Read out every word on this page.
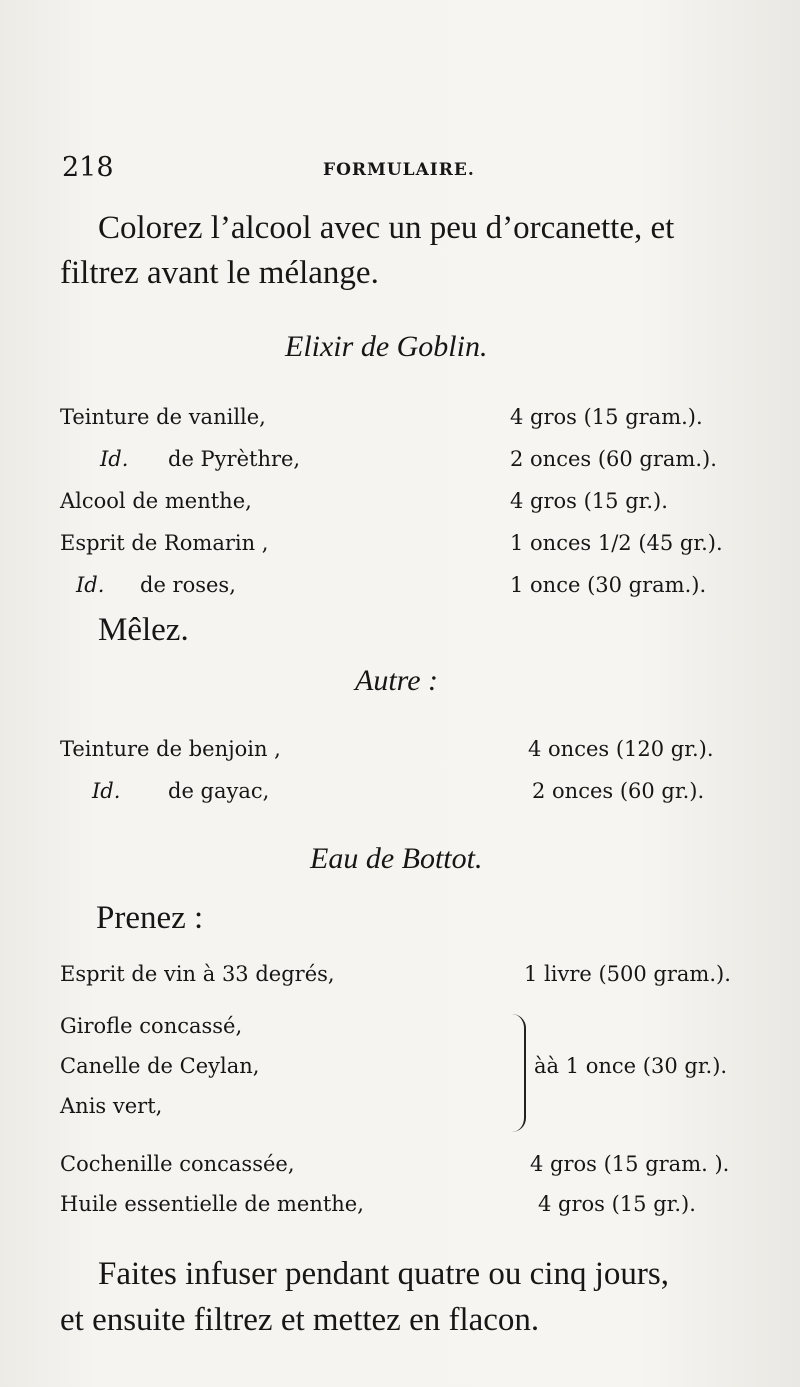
218	FORMULAIRE.
Colorez l’alcool avec un peu d’orcanette, et
filtrez avant le mélange.
Elixir de Goblin.
Teinture de vanille,	4 gros (15 gram.).
Id. de Pyrèthre,	2 onces (60 gram.).
Alcool de menthe,	4 gros (15 gr.).
Esprit de Romarin ,	1 onces 1/2 (45 gr.).
Id. de roses,	1 once (30 gram.).
Mêlez.
Autre :
Teinture de benjoin ,	4 onces (120 gr.).
Id. de gayac,	2 onces (60 gr.).
Eau de Bottot.
Prenez :
Esprit de vin à 33 degrés,	1 livre (500 gram.).
Girofle concassé,
Canelle de Ceylan,
Anis vert,
àà 1 once (30 gr.).
Cochenille concassée,	4 gros (15 gram. ).
Huile essentielle de menthe,	4 gros (15 gr.).
Faites infuser pendant quatre ou cinq jours,
et ensuite filtrez et mettez en flacon.
